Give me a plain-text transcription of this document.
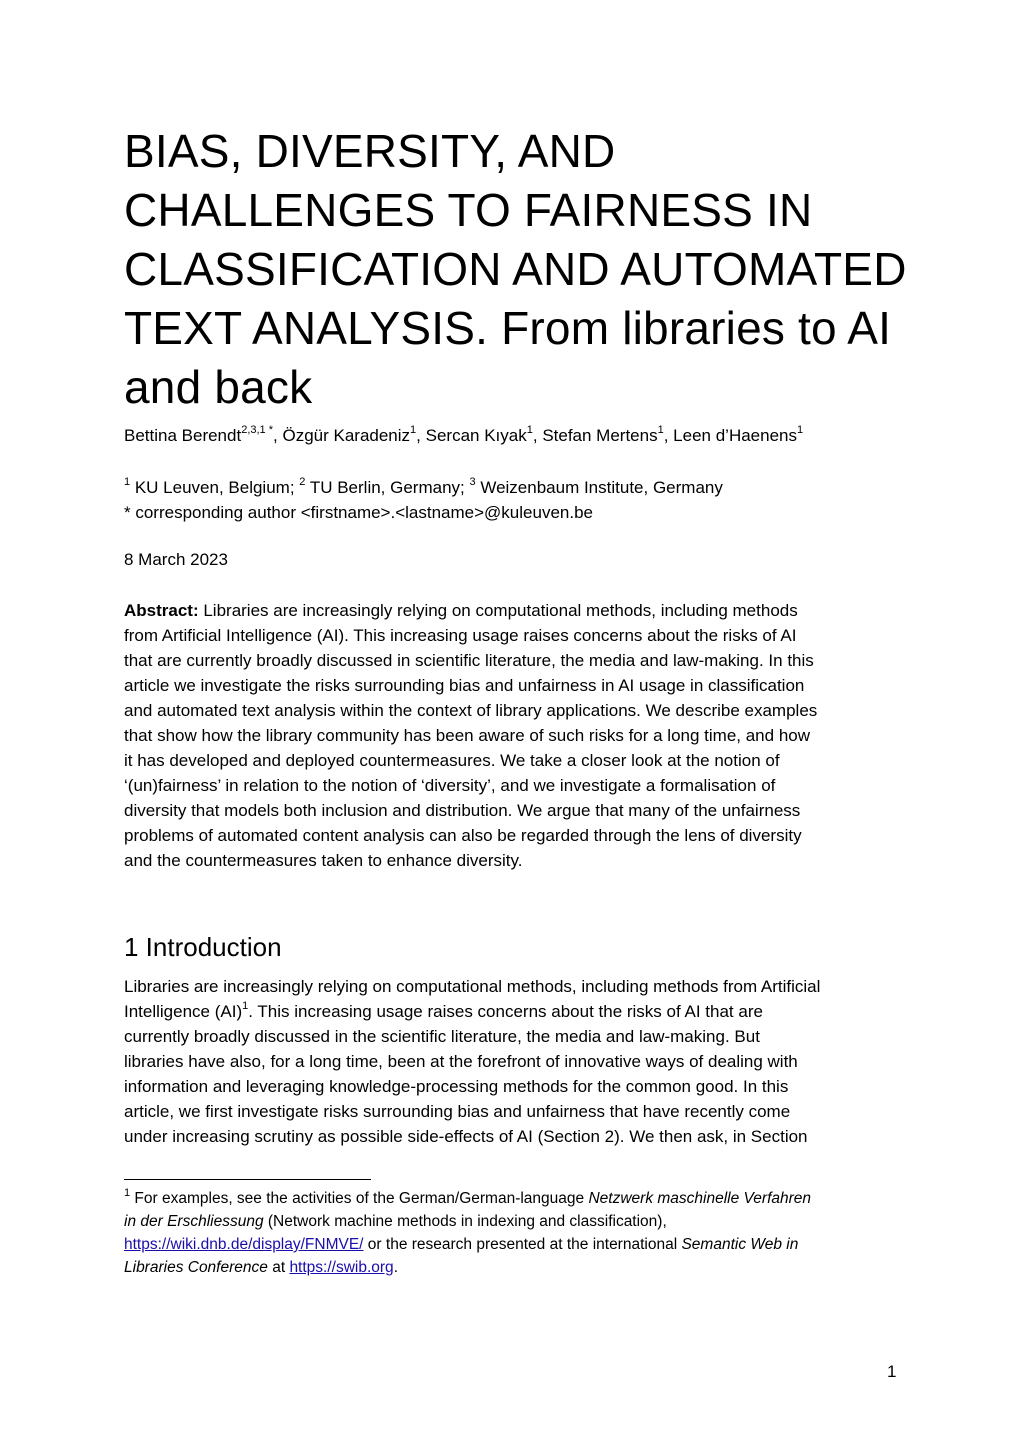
BIAS, DIVERSITY, AND
CHALLENGES TO FAIRNESS IN
CLASSIFICATION AND AUTOMATED
TEXT ANALYSIS. From libraries to AI
and back
Bettina Berendt$^{2,3,1 *}$, Özgür Karadeniz$^1$, Sercan Kıyak$^1$, Stefan Mertens$^1$, Leen d’Haenens$^1$
$^1$ KU Leuven, Belgium; $^2$ TU Berlin, Germany; $^3$ Weizenbaum Institute, Germany
* corresponding author <firstname>.<lastname>@kuleuven.be
8 March 2023
Abstract: Libraries are increasingly relying on computational methods, including methods
from Artificial Intelligence (AI). This increasing usage raises concerns about the risks of AI
that are currently broadly discussed in scientific literature, the media and law-making. In this
article we investigate the risks surrounding bias and unfairness in AI usage in classification
and automated text analysis within the context of library applications. We describe examples
that show how the library community has been aware of such risks for a long time, and how
it has developed and deployed countermeasures. We take a closer look at the notion of
‘(un)fairness’ in relation to the notion of ‘diversity’, and we investigate a formalisation of
diversity that models both inclusion and distribution. We argue that many of the unfairness
problems of automated content analysis can also be regarded through the lens of diversity
and the countermeasures taken to enhance diversity.
1 Introduction
Libraries are increasingly relying on computational methods, including methods from Artificial
Intelligence (AI)$^1$. This increasing usage raises concerns about the risks of AI that are
currently broadly discussed in the scientific literature, the media and law-making. But
libraries have also, for a long time, been at the forefront of innovative ways of dealing with
information and leveraging knowledge-processing methods for the common good. In this
article, we first investigate risks surrounding bias and unfairness that have recently come
under increasing scrutiny as possible side-effects of AI (Section 2). We then ask, in Section
$^1$ For examples, see the activities of the German/German-language Netzwerk maschinelle Verfahren
in der Erschliessung (Network machine methods in indexing and classification),
https://wiki.dnb.de/display/FNMVE/ or the research presented at the international Semantic Web in
Libraries Conference at https://swib.org.
1
